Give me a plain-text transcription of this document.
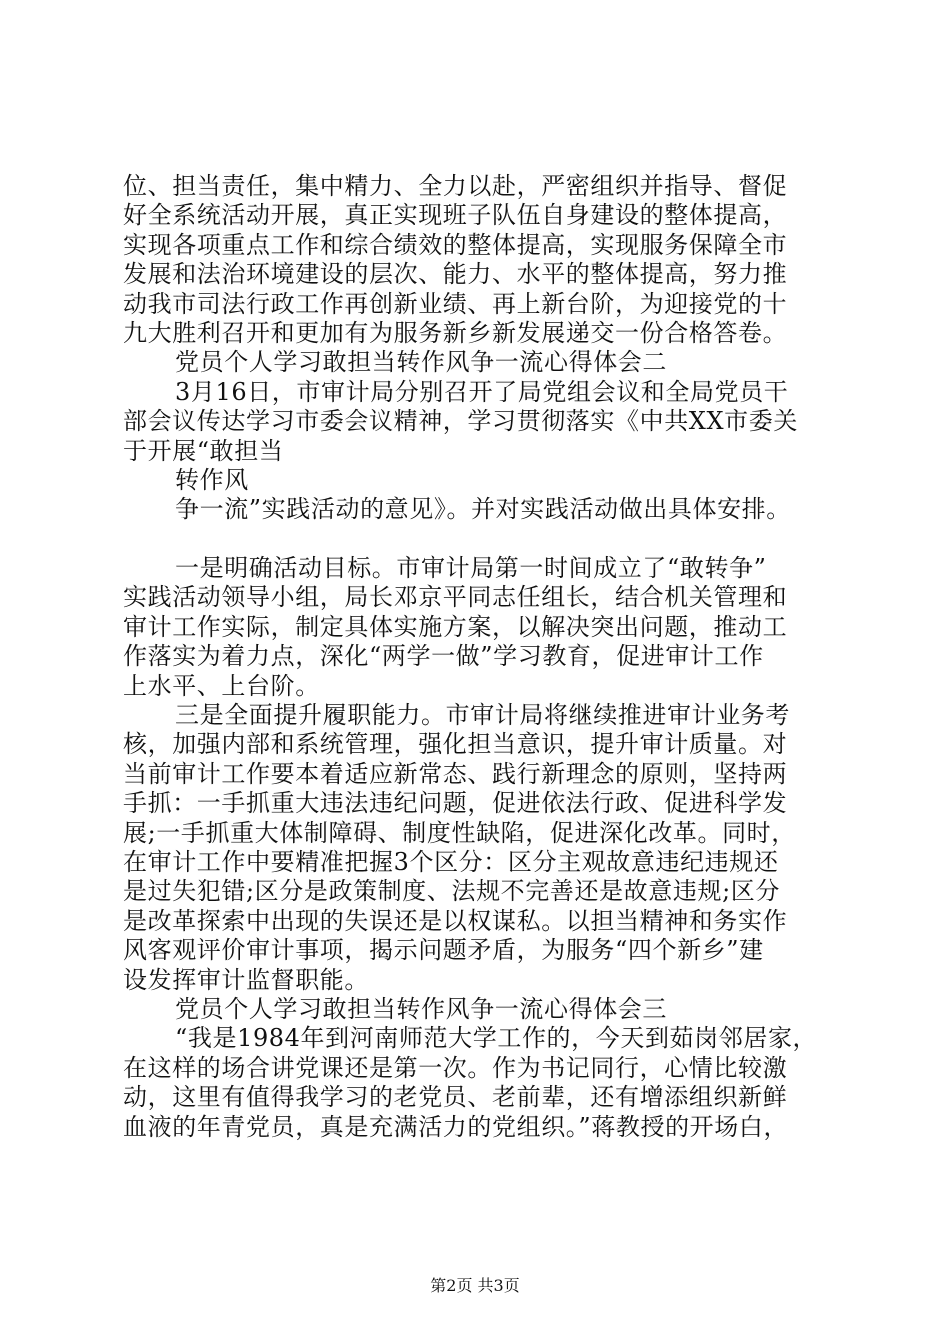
位、担当责任，集中精力、全力以赴，严密组织并指导、督促
好全系统活动开展，真正实现班子队伍自身建设的整体提高，
实现各项重点工作和综合绩效的整体提高，实现服务保障全市
发展和法治环境建设的层次、能力、水平的整体提高，努力推
动我市司法行政工作再创新业绩、再上新台阶，为迎接党的十
九大胜利召开和更加有为服务新乡新发展递交一份合格答卷。
党员个人学习敢担当转作风争一流心得体会二
3月16日，市审计局分别召开了局党组会议和全局党员干
部会议传达学习市委会议精神，学习贯彻落实《中共XX市委关
于开展“敢担当
转作风
争一流”实践活动的意见》。并对实践活动做出具体安排。
一是明确活动目标。市审计局第一时间成立了“敢转争”
实践活动领导小组，局长邓京平同志任组长，结合机关管理和
审计工作实际，制定具体实施方案，以解决突出问题，推动工
作落实为着力点，深化“两学一做”学习教育，促进审计工作
上水平、上台阶。
三是全面提升履职能力。市审计局将继续推进审计业务考
核，加强内部和系统管理，强化担当意识，提升审计质量。对
当前审计工作要本着适应新常态、践行新理念的原则，坚持两
手抓：一手抓重大违法违纪问题，促进依法行政、促进科学发
展;一手抓重大体制障碍、制度性缺陷，促进深化改革。同时，
在审计工作中要精准把握3个区分：区分主观故意违纪违规还
是过失犯错;区分是政策制度、法规不完善还是故意违规;区分
是改革探索中出现的失误还是以权谋私。以担当精神和务实作
风客观评价审计事项，揭示问题矛盾，为服务“四个新乡”建
设发挥审计监督职能。
党员个人学习敢担当转作风争一流心得体会三
“我是1984年到河南师范大学工作的，今天到茹岗邻居家，
在这样的场合讲党课还是第一次。作为书记同行，心情比较激
动，这里有值得我学习的老党员、老前辈，还有增添组织新鲜
血液的年青党员，真是充满活力的党组织。”蒋教授的开场白，
第2页 共3页
